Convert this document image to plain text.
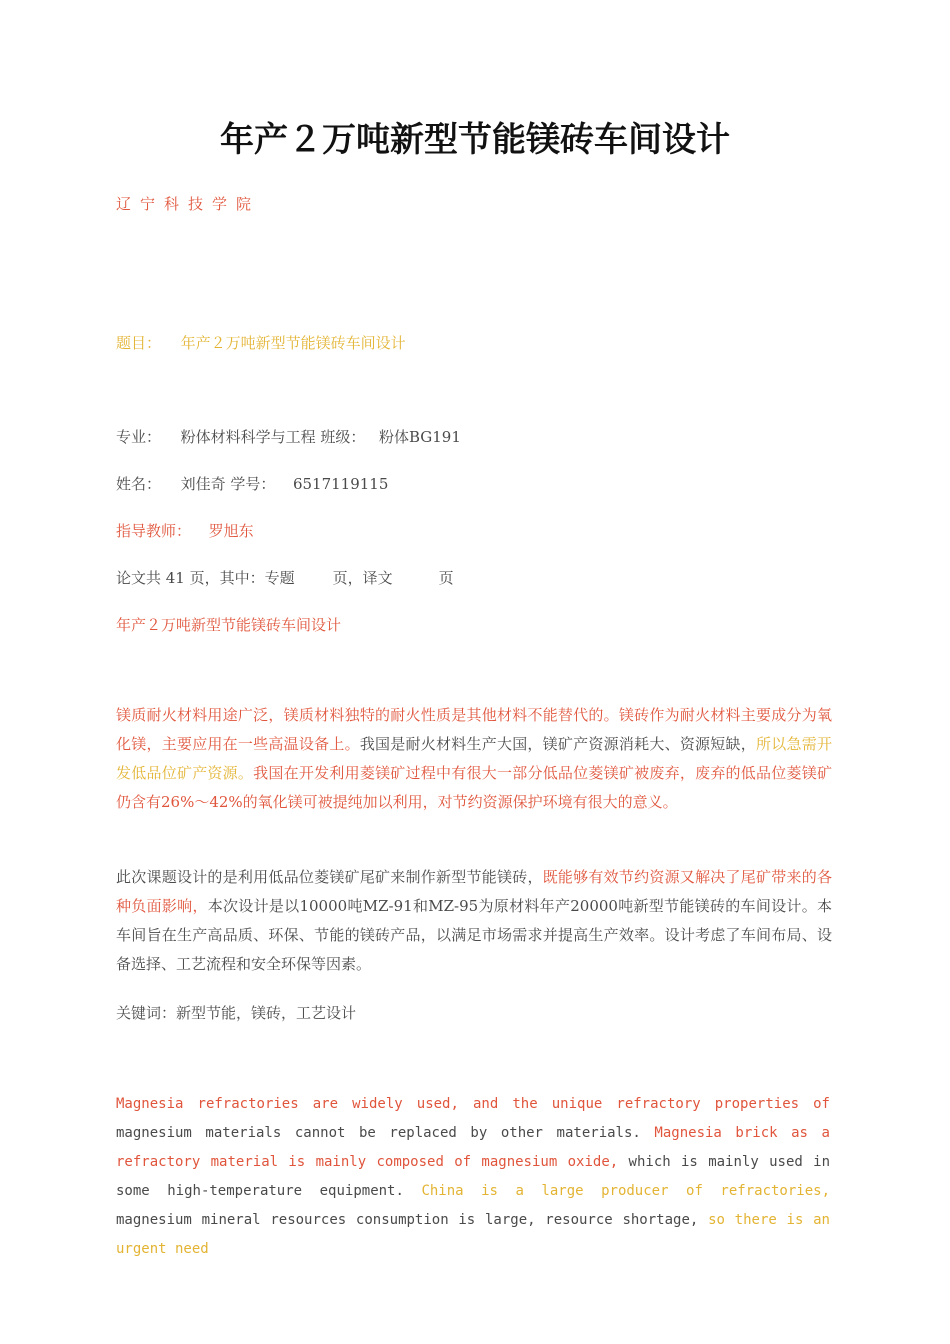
年产２万吨新型节能镁砖车间设计
辽宁科技学院
题目： 年产２万吨新型节能镁砖车间设计
专业： 粉体材料科学与工程 班级： 粉体BG191
姓名： 刘佳奇 学号： 6517119115
指导教师： 罗旭东
论文共 41 页，其中：专题	页，译文	页
年产２万吨新型节能镁砖车间设计
镁质耐火材料用途广泛，镁质材料独特的耐火性质是其他材料不能替代的。镁砖作为耐火材料主要成分为氧化镁，主要应用在一些高温设备上。我国是耐火材料生产大国，镁矿产资源消耗大、资源短缺，所以急需开发低品位矿产资源。我国在开发利用菱镁矿过程中有很大一部分低品位菱镁矿被废弃，废弃的低品位菱镁矿仍含有26%～42%的氧化镁可被提纯加以利用，对节约资源保护环境有很大的意义。
此次课题设计的是利用低品位菱镁矿尾矿来制作新型节能镁砖，既能够有效节约资源又解决了尾矿带来的各种负面影响，本次设计是以10000吨MZ-91和MZ-95为原材料年产20000吨新型节能镁砖的车间设计。本车间旨在生产高品质、环保、节能的镁砖产品，以满足市场需求并提高生产效率。设计考虑了车间布局、设备选择、工艺流程和安全环保等因素。
关键词：新型节能，镁砖，工艺设计
Magnesia refractories are widely used, and the unique refractory properties of magnesium materials cannot be replaced by other materials. Magnesia brick as a refractory material is mainly composed of magnesium oxide, which is mainly used in some high-temperature equipment. China is a large producer of refractories, magnesium mineral resources consumption is large, resource shortage, so there is an urgent need
